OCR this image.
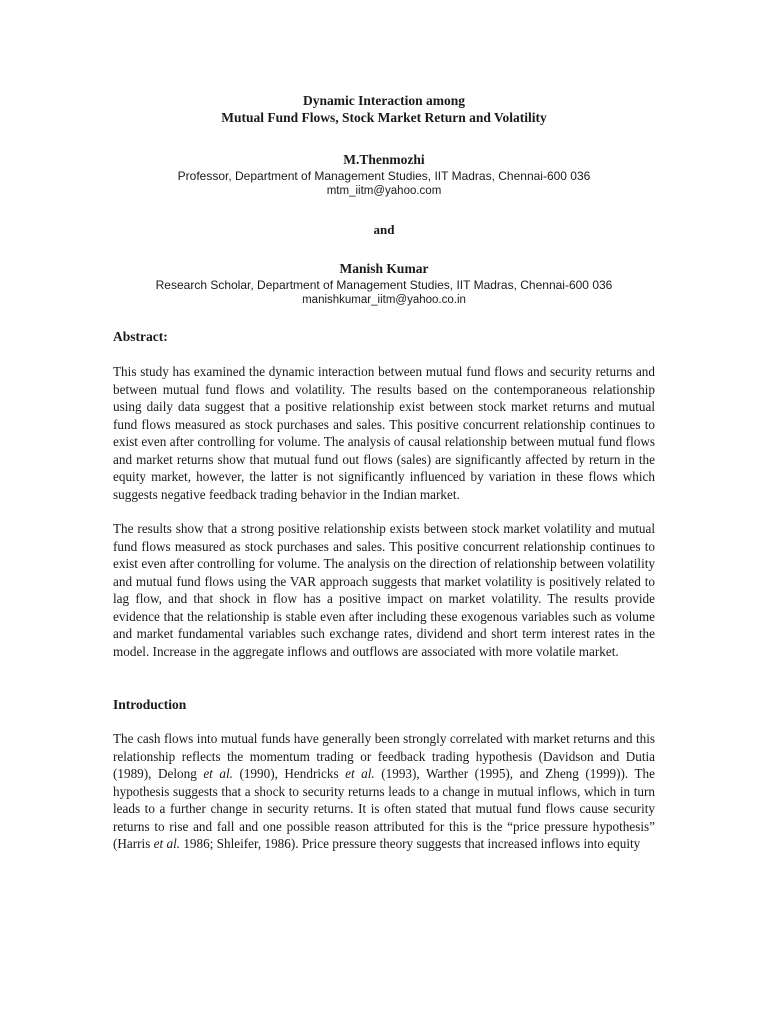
Dynamic Interaction among
Mutual Fund Flows, Stock Market Return and Volatility
M.Thenmozhi
Professor, Department of Management Studies, IIT Madras, Chennai-600 036
mtm_iitm@yahoo.com
and
Manish Kumar
Research Scholar, Department of Management Studies, IIT Madras, Chennai-600 036
manishkumar_iitm@yahoo.co.in
Abstract:

This study has examined the dynamic interaction between mutual fund flows and security returns and between mutual fund flows and volatility. The results based on the contemporaneous relationship using daily data suggest that a positive relationship exist between stock market returns and mutual fund flows measured as stock purchases and sales. This positive concurrent relationship continues to exist even after controlling for volume. The analysis of causal relationship between mutual fund flows and market returns show that mutual fund out flows (sales) are significantly affected by return in the equity market, however, the latter is not significantly influenced by variation in these flows which suggests negative feedback trading behavior in the Indian market.

The results show that a strong positive relationship exists between stock market volatility and mutual fund flows measured as stock purchases and sales. This positive concurrent relationship continues to exist even after controlling for volume. The analysis on the direction of relationship between volatility and mutual fund flows using the VAR approach suggests that market volatility is positively related to lag flow, and that shock in flow has a positive impact on market volatility. The results provide evidence that the relationship is stable even after including these exogenous variables such as volume and market fundamental variables such exchange rates, dividend and short term interest rates in the model. Increase in the aggregate inflows and outflows are associated with more volatile market.

Introduction

The cash flows into mutual funds have generally been strongly correlated with market returns and this relationship reflects the momentum trading or feedback trading hypothesis (Davidson and Dutia (1989), Delong et al. (1990), Hendricks et al. (1993), Warther (1995), and Zheng (1999)). The hypothesis suggests that a shock to security returns leads to a change in mutual inflows, which in turn leads to a further change in security returns. It is often stated that mutual fund flows cause security returns to rise and fall and one possible reason attributed for this is the “price pressure hypothesis” (Harris et al. 1986; Shleifer, 1986). Price pressure theory suggests that increased inflows into equity
